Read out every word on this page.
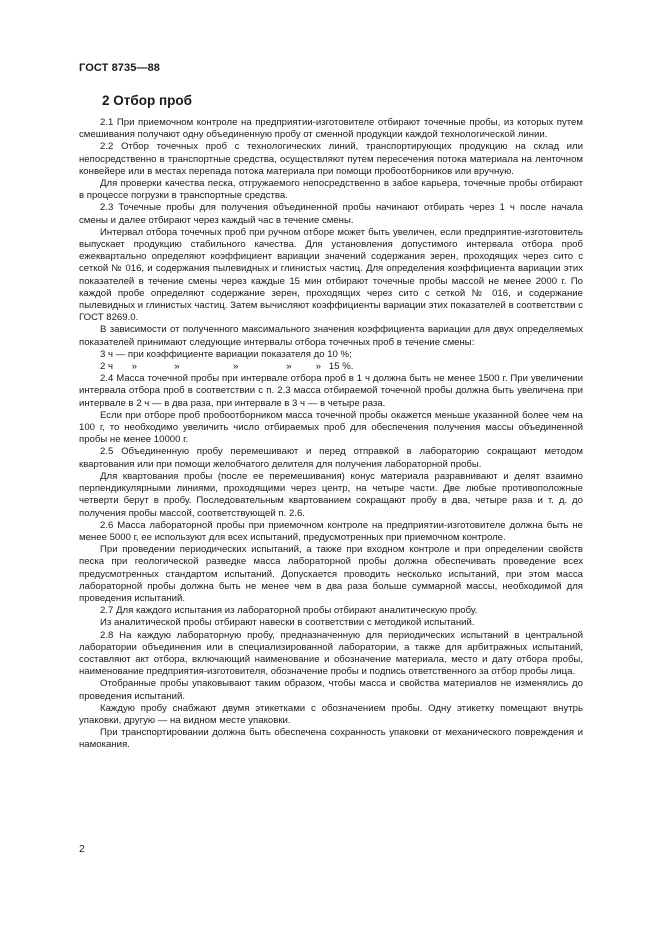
ГОСТ 8735—88
2 Отбор проб

2.1 При приемочном контроле на предприятии-изготовителе отбирают точечные пробы, из которых путем смешивания получают одну объединенную пробу от сменной продукции каждой технологической линии.

2.2 Отбор точечных проб с технологических линий, транспортирующих продукцию на склад или непосредственно в транспортные средства, осуществляют путем пересечения потока материала на ленточном конвейере или в местах перепада потока материала при помощи пробоотборников или вручную.

Для проверки качества песка, отгружаемого непосредственно в забое карьера, точечные пробы отбирают в процессе погрузки в транспортные средства.

2.3 Точечные пробы для получения объединенной пробы начинают отбирать через 1 ч после начала смены и далее отбирают через каждый час в течение смены.

Интервал отбора точечных проб при ручном отборе может быть увеличен, если предприятие-изготовитель выпускает продукцию стабильного качества. Для установления допустимого интервала отбора проб ежеквартально определяют коэффициент вариации значений содержания зерен, проходящих через сито с сеткой № 016, и содержания пылевидных и глинистых частиц. Для определения коэффициента вариации этих показателей в течение смены через каждые 15 мин отбирают точечные пробы массой не менее 2000 г. По каждой пробе определяют содержание зерен, проходящих через сито с сеткой № 016, и содержание пылевидных и глинистых частиц. Затем вычисляют коэффициенты вариации этих показателей в соответствии с ГОСТ 8269.0.

В зависимости от полученного максимального значения коэффициента вариации для двух определяемых показателей принимают следующие интервалы отбора точечных проб в течение смены:

3 ч — при коэффициенте вариации показателя до 10 %;
2 ч       »              »                    »                  »         »   15 %.

2.4 Масса точечной пробы при интервале отбора проб в 1 ч должна быть не менее 1500 г. При увеличении интервала отбора проб в соответствии с п. 2.3 масса отбираемой точечной пробы должна быть увеличена при интервале в 2 ч — в два раза, при интервале в 3 ч — в четыре раза.

Если при отборе проб пробоотборником масса точечной пробы окажется меньше указанной более чем на 100 г, то необходимо увеличить число отбираемых проб для обеспечения получения массы объединенной пробы не менее 10000 г.

2.5 Объединенную пробу перемешивают и перед отправкой в лабораторию сокращают методом квартования или при помощи желобчатого делителя для получения лабораторной пробы.

Для квартования пробы (после ее перемешивания) конус материала разравнивают и делят взаимно перпендикулярными линиями, проходящими через центр, на четыре части. Две любые противоположные четверти берут в пробу. Последовательным квартованием сокращают пробу в два, четыре раза и т. д. до получения пробы массой, соответствующей п. 2.6.

2.6 Масса лабораторной пробы при приемочном контроле на предприятии-изготовителе должна быть не менее 5000 г, ее используют для всех испытаний, предусмотренных при приемочном контроле.

При проведении периодических испытаний, а также при входном контроле и при определении свойств песка при геологической разведке масса лабораторной пробы должна обеспечивать проведение всех предусмотренных стандартом испытаний. Допускается проводить несколько испытаний, при этом масса лабораторной пробы должна быть не менее чем в два раза больше суммарной массы, необходимой для проведения испытаний.

2.7 Для каждого испытания из лабораторной пробы отбирают аналитическую пробу.

Из аналитической пробы отбирают навески в соответствии с методикой испытаний.

2.8 На каждую лабораторную пробу, предназначенную для периодических испытаний в центральной лаборатории объединения или в специализированной лаборатории, а также для арбитражных испытаний, составляют акт отбора, включающий наименование и обозначение материала, место и дату отбора пробы, наименование предприятия-изготовителя, обозначение пробы и подпись ответственного за отбор пробы лица.

Отобранные пробы упаковывают таким образом, чтобы масса и свойства материалов не изменялись до проведения испытаний.

Каждую пробу снабжают двумя этикетками с обозначением пробы. Одну этикетку помещают внутрь упаковки, другую — на видном месте упаковки.

При транспортировании должна быть обеспечена сохранность упаковки от механического повреждения и намокания.

2
